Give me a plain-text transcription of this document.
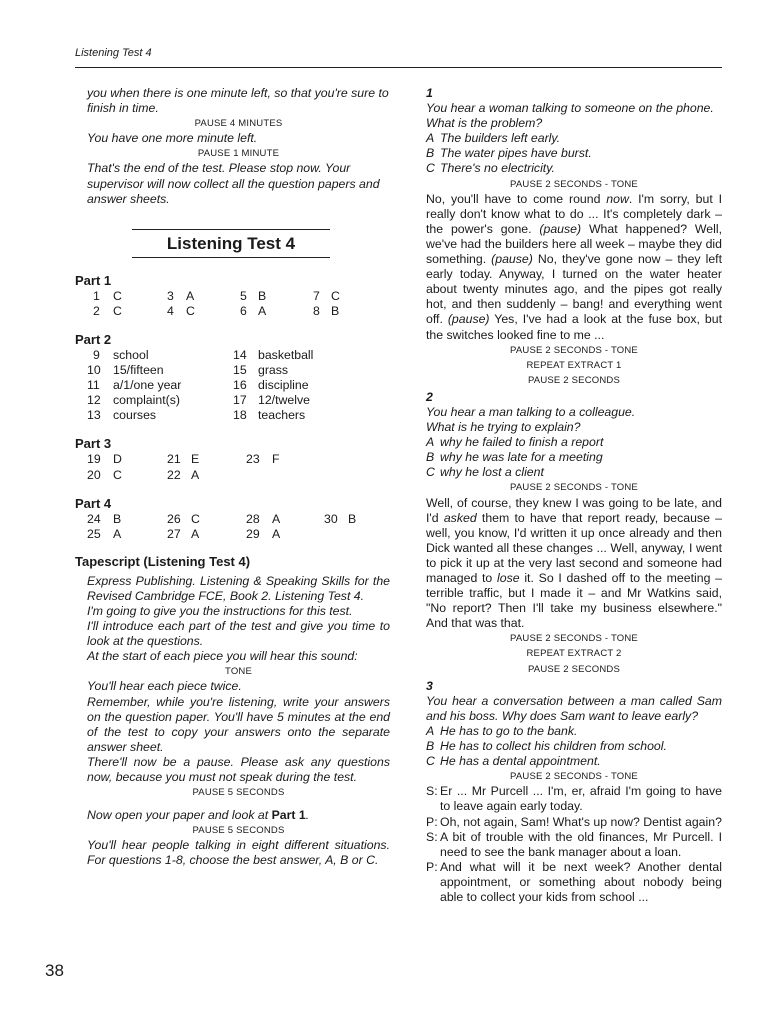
Listening Test 4
you when there is one minute left, so that you're sure to finish in time.
PAUSE 4 MINUTES
You have one more minute left.
PAUSE 1 MINUTE
That's the end of the test. Please stop now. Your supervisor will now collect all the question papers and answer sheets.
Listening Test 4
Part 1
1 C	3 A	5 B	7 C
2 C	4 C	6 A	8 B
Part 2
9 school	14 basketball
10 15/fifteen	15 grass
11 a/1/one year	16 discipline
12 complaint(s)	17 12/twelve
13 courses	18 teachers
Part 3
19 D	21 E	23 F
20 C	22 A
Part 4
24 B	26 C	28 A	30 B
25 A	27 A	29 A
Tapescript (Listening Test 4)
Express Publishing. Listening & Speaking Skills for the Revised Cambridge FCE, Book 2. Listening Test 4.
I'm going to give you the instructions for this test.
I'll introduce each part of the test and give you time to look at the questions.
At the start of each piece you will hear this sound:
TONE
You'll hear each piece twice.
Remember, while you're listening, write your answers on the question paper. You'll have 5 minutes at the end of the test to copy your answers onto the separate answer sheet.
There'll now be a pause. Please ask any questions now, because you must not speak during the test.
PAUSE 5 SECONDS
Now open your paper and look at Part 1.
PAUSE 5 SECONDS
You'll hear people talking in eight different situations. For questions 1-8, choose the best answer, A, B or C.
1
You hear a woman talking to someone on the phone.
What is the problem?
A The builders left early.
B The water pipes have burst.
C There's no electricity.
PAUSE 2 SECONDS - TONE
No, you'll have to come round now. I'm sorry, but I really don't know what to do ... It's completely dark – the power's gone. (pause) What happened? Well, we've had the builders here all week – maybe they did something. (pause) No, they've gone now – they left early today. Anyway, I turned on the water heater about twenty minutes ago, and the pipes got really hot, and then suddenly – bang! and everything went off. (pause) Yes, I've had a look at the fuse box, but the switches looked fine to me ...
PAUSE 2 SECONDS - TONE
REPEAT EXTRACT 1
PAUSE 2 SECONDS
2
You hear a man talking to a colleague.
What is he trying to explain?
A why he failed to finish a report
B why he was late for a meeting
C why he lost a client
PAUSE 2 SECONDS - TONE
Well, of course, they knew I was going to be late, and I'd asked them to have that report ready, because – well, you know, I'd written it up once already and then Dick wanted all these changes ... Well, anyway, I went to pick it up at the very last second and someone had managed to lose it. So I dashed off to the meeting – terrible traffic, but I made it – and Mr Watkins said, "No report? Then I'll take my business elsewhere." And that was that.
PAUSE 2 SECONDS - TONE
REPEAT EXTRACT 2
PAUSE 2 SECONDS
3
You hear a conversation between a man called Sam and his boss. Why does Sam want to leave early?
A He has to go to the bank.
B He has to collect his children from school.
C He has a dental appointment.
PAUSE 2 SECONDS - TONE
S: Er ... Mr Purcell ... I'm, er, afraid I'm going to have to leave again early today.
P: Oh, not again, Sam! What's up now? Dentist again?
S: A bit of trouble with the old finances, Mr Purcell. I need to see the bank manager about a loan.
P: And what will it be next week? Another dental appointment, or something about nobody being able to collect your kids from school ...
38
